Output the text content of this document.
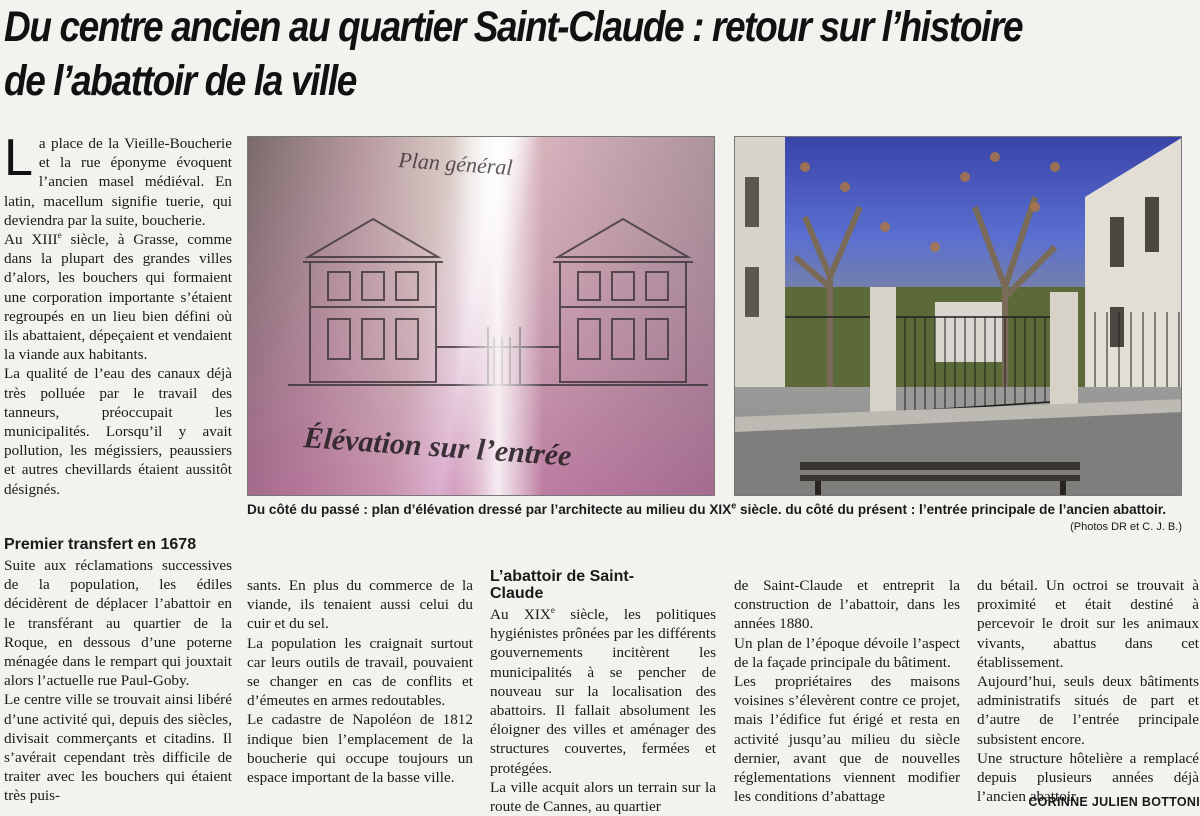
Du centre ancien au quartier Saint-Claude : retour sur l’histoire
de l’abattoir de la ville
L a place de la Vieille-Boucherie et la rue éponyme évoquent l’ancien masel médiéval. En latin, macellum signifie tuerie, qui deviendra par la suite, boucherie.

Au XIIIe siècle, à Grasse, comme dans la plupart des grandes villes d’alors, les bouchers qui formaient une corporation importante s’étaient regroupés en un lieu bien défini où ils abattaient, dépeçaient et vendaient la viande aux habitants.

La qualité de l’eau des canaux déjà très polluée par le travail des tanneurs, préoccupait les municipalités. Lorsqu’il y avait pollution, les mégissiers, peaussiers et autres chevillards étaient aussitôt désignés.

Premier transfert en 1678

Suite aux réclamations successives de la population, les édiles décidèrent de déplacer l’abattoir en le transférant au quartier de la Roque, en dessous d’une poterne ménagée dans le rempart qui jouxtait alors l’actuelle rue Paul-Goby.

Le centre ville se trouvait ainsi libéré d’une activité qui, depuis des siècles, divisait commerçants et citadins. Il s’avérait cependant très difficile de traiter avec les bouchers qui étaient très puis-

sants. En plus du commerce de la viande, ils tenaient aussi celui du cuir et du sel.

La population les craignait surtout car leurs outils de travail, pouvaient se changer en cas de conflits et d’émeutes en armes redoutables.

Le cadastre de Napoléon de 1812 indique bien l’emplacement de la boucherie qui occupe toujours un espace important de la basse ville.

L’abattoir de Saint-Claude

Au XIXe siècle, les politiques hygiénistes prônées par les différents gouvernements incitèrent les municipalités à se pencher de nouveau sur la localisation des abattoirs. Il fallait absolument les éloigner des villes et aménager des structures couvertes, fermées et protégées.

La ville acquit alors un terrain sur la route de Cannes, au quartier

de Saint-Claude et entreprit la construction de l’abattoir, dans les années 1880.

Un plan de l’époque dévoile l’aspect de la façade principale du bâtiment.

Les propriétaires des maisons voisines s’élevèrent contre ce projet, mais l’édifice fut érigé et resta en activité jusqu’au milieu du siècle dernier, avant que de nouvelles réglementations viennent modifier les conditions d’abattage

du bétail. Un octroi se trouvait à proximité et était destiné à percevoir le droit sur les animaux vivants, abattus dans cet établissement.

Aujourd’hui, seuls deux bâtiments administratifs situés de part et d’autre de l’entrée principale subsistent encore.

Une structure hôtelière a remplacé depuis plusieurs années déjà l’ancien abattoir.

Plan général
Élévation sur l’entrée
Du côté du passé : plan d’élévation dressé par l’architecte au milieu du XIXe siècle. du côté du présent : l’entrée principale de l’ancien abattoir.
(Photos DR et C. J. B.)
CORINNE JULIEN BOTTONI
